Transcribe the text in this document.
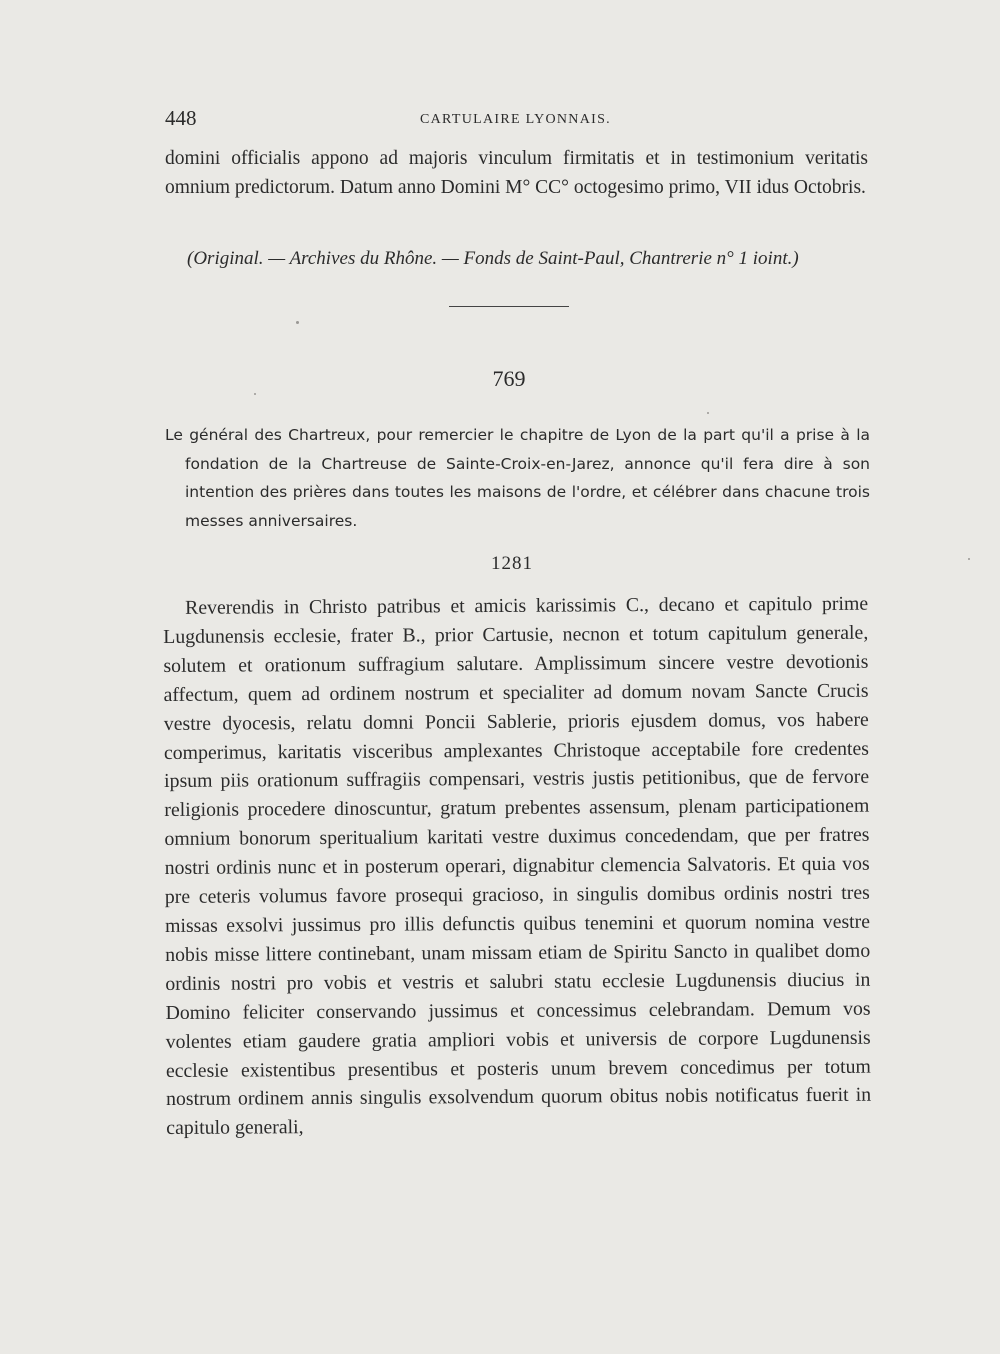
448	CARTULAIRE LYONNAIS.
domini officialis appono ad majoris vinculum firmitatis et in testimonium veritatis omnium predictorum. Datum anno Domini M° CC° octogesimo primo, VII idus Octobris.
(Original. — Archives du Rhône. — Fonds de Saint-Paul, Chantrerie n° 1 ioint.)
769
Le général des Chartreux, pour remercier le chapitre de Lyon de la part qu'il a prise à la fondation de la Chartreuse de Sainte-Croix-en-Jarez, annonce qu'il fera dire à son intention des prières dans toutes les maisons de l'ordre, et célébrer dans chacune trois messes anniversaires.
1281
Reverendis in Christo patribus et amicis karissimis C., decano et capitulo prime Lugdunensis ecclesie, frater B., prior Cartusie, necnon et totum capitulum generale, solutem et orationum suffragium salutare. Amplissimum sincere vestre devotionis affectum, quem ad ordinem nostrum et specialiter ad domum novam Sancte Crucis vestre dyocesis, relatu domni Poncii Sablerie, prioris ejusdem domus, vos habere comperimus, karitatis visceribus amplexantes Christoque acceptabile fore credentes ipsum piis orationum suffragiis compensari, vestris justis petitionibus, que de fervore religionis procedere dinoscuntur, gratum prebentes assensum, plenam participationem omnium bonorum speritualium karitati vestre duximus concedendam, que per fratres nostri ordinis nunc et in posterum operari, dignabitur clemencia Salvatoris. Et quia vos pre ceteris volumus favore prosequi gracioso, in singulis domibus ordinis nostri tres missas exsolvi jussimus pro illis defunctis quibus tenemini et quorum nomina vestre nobis misse littere continebant, unam missam etiam de Spiritu Sancto in qualibet domo ordinis nostri pro vobis et vestris et salubri statu ecclesie Lugdunensis diucius in Domino feliciter conservando jussimus et concessimus celebrandam. Demum vos volentes etiam gaudere gratia ampliori vobis et universis de corpore Lugdunensis ecclesie existentibus presentibus et posteris unum brevem concedimus per totum nostrum ordinem annis singulis exsolvendum quorum obitus nobis notificatus fuerit in capitulo generali,
